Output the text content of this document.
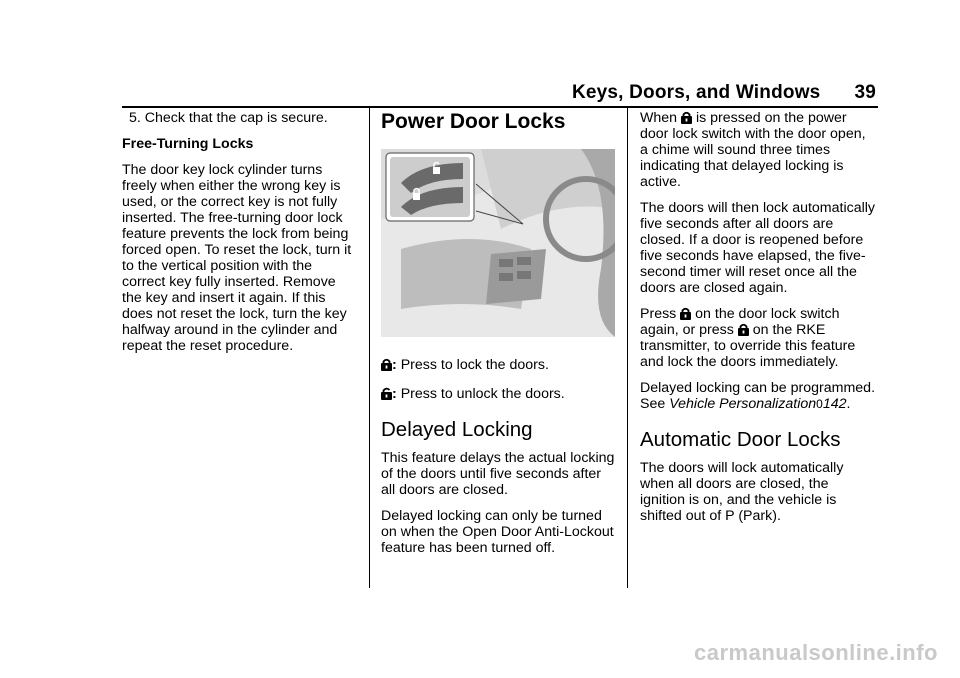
Keys, Doors, and Windows 39

5. Check that the cap is secure.

Free-Turning Locks

The door key lock cylinder turns freely when either the wrong key is used, or the correct key is not fully inserted. The free-turning door lock feature prevents the lock from being forced open. To reset the lock, turn it to the vertical position with the correct key fully inserted. Remove the key and insert it again. If this does not reset the lock, turn the key halfway around in the cylinder and repeat the reset procedure.

Power Door Locks

: Press to lock the doors.

: Press to unlock the doors.

Delayed Locking

This feature delays the actual locking of the doors until five seconds after all doors are closed.

Delayed locking can only be turned on when the Open Door Anti-Lockout feature has been turned off.

When is pressed on the power door lock switch with the door open, a chime will sound three times indicating that delayed locking is active.

The doors will then lock automatically five seconds after all doors are closed. If a door is reopened before five seconds have elapsed, the five-second timer will reset once all the doors are closed again.

Press on the door lock switch again, or press on the RKE transmitter, to override this feature and lock the doors immediately.

Delayed locking can be programmed. See Vehicle Personalization0142.

Automatic Door Locks

The doors will lock automatically when all doors are closed, the ignition is on, and the vehicle is shifted out of P (Park).

carmanualsonline.info
